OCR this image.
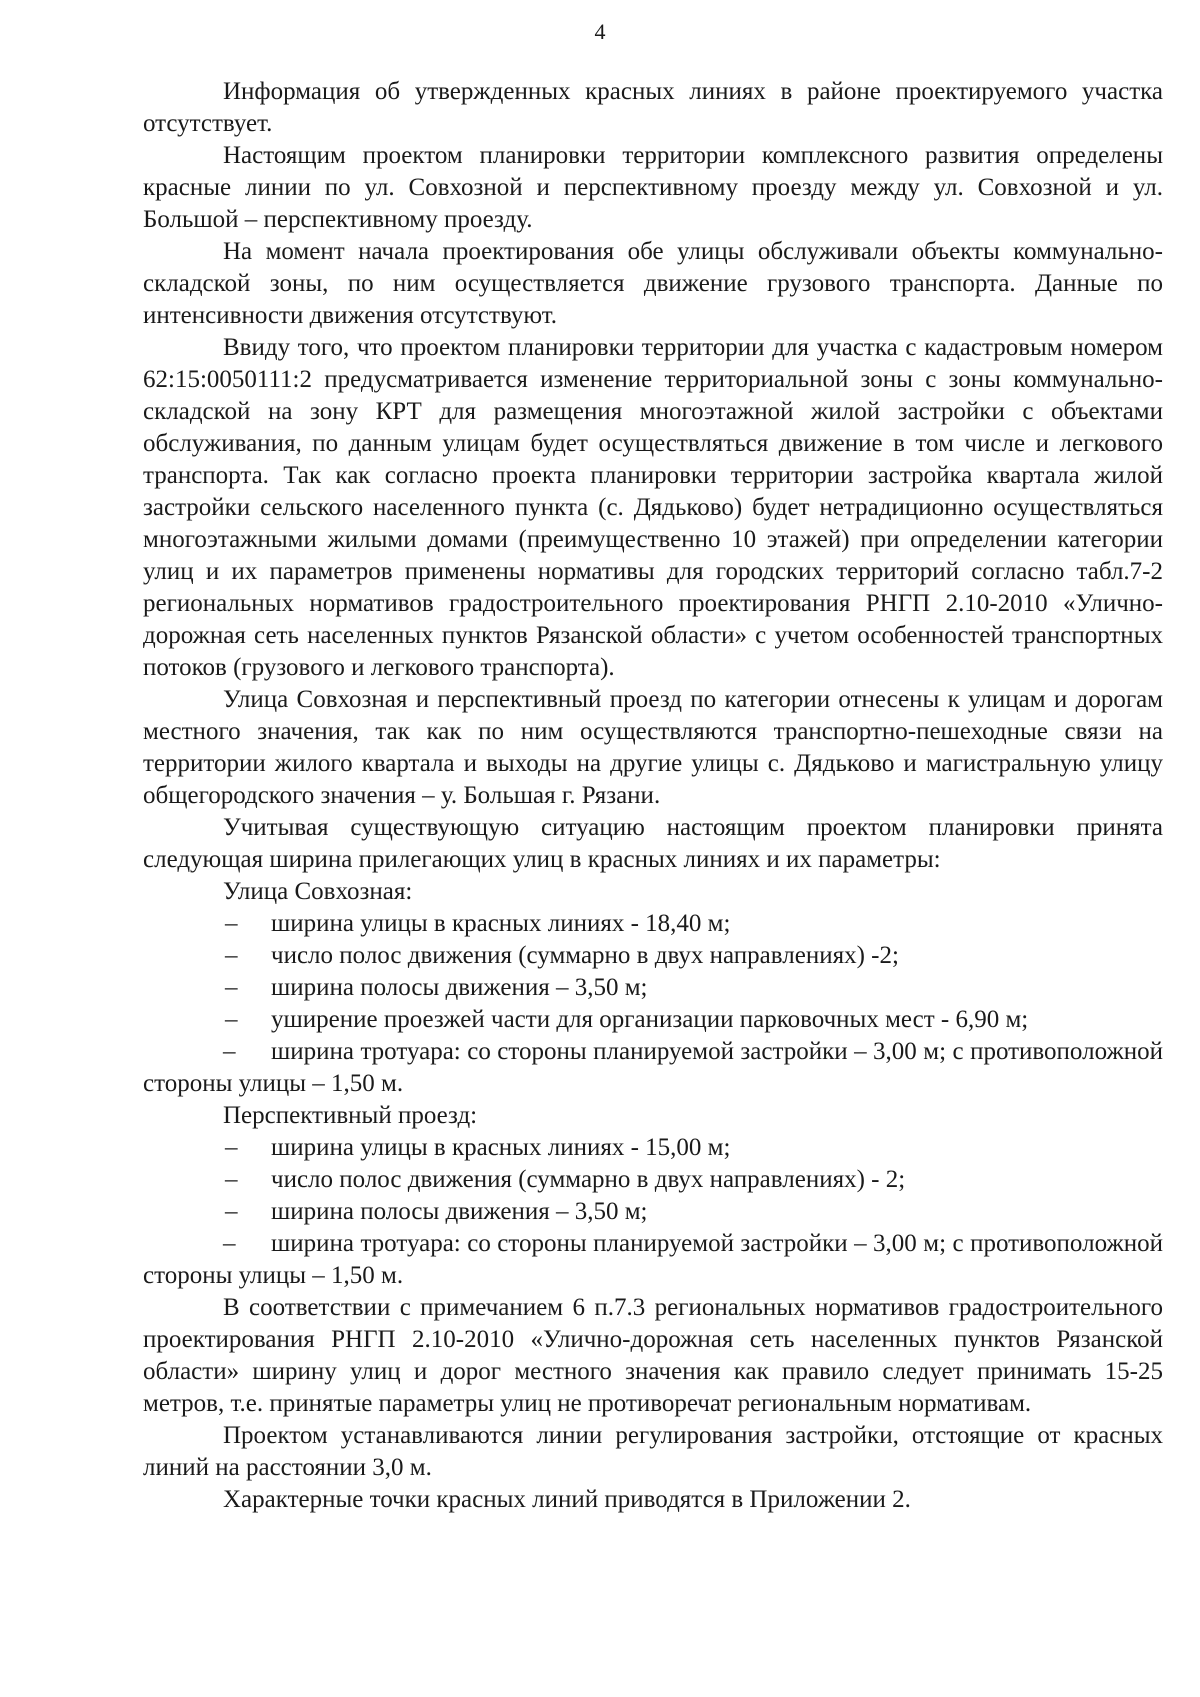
4

Информация об утвержденных красных линиях в районе проектируемого участка отсутствует.

Настоящим проектом планировки территории комплексного развития определены красные линии по ул. Совхозной и перспективному проезду между ул. Совхозной и ул. Большой – перспективному проезду.

На момент начала проектирования обе улицы обслуживали объекты коммунально-складской зоны, по ним осуществляется движение грузового транспорта. Данные по интенсивности движения отсутствуют.

Ввиду того, что проектом планировки территории для участка с кадастровым номером 62:15:0050111:2 предусматривается изменение территориальной зоны с зоны коммунально-складской на зону КРТ для размещения многоэтажной жилой застройки с объектами обслуживания, по данным улицам будет осуществляться движение в том числе и легкового транспорта. Так как согласно проекта планировки территории застройка квартала жилой застройки сельского населенного пункта (с. Дядьково) будет нетрадиционно осуществляться многоэтажными жилыми домами (преимущественно 10 этажей) при определении категории улиц и их параметров применены нормативы для городских территорий согласно табл.7-2 региональных нормативов градостроительного проектирования РНГП 2.10-2010 «Улично-дорожная сеть населенных пунктов Рязанской области» с учетом особенностей транспортных потоков (грузового и легкового транспорта).

Улица Совхозная и перспективный проезд по категории отнесены к улицам и дорогам местного значения, так как по ним осуществляются транспортно-пешеходные связи на территории жилого квартала и выходы на другие улицы с. Дядьково и магистральную улицу общегородского значения – у. Большая г. Рязани.

Учитывая существующую ситуацию настоящим проектом планировки принята следующая ширина прилегающих улиц в красных линиях и их параметры:

Улица Совхозная:
– ширина улицы в красных линиях - 18,40 м;
– число полос движения (суммарно в двух направлениях) -2;
– ширина полосы движения – 3,50 м;
– уширение проезжей части для организации парковочных мест - 6,90 м;

– ширина тротуара: со стороны планируемой застройки – 3,00 м; с противоположной стороны улицы – 1,50 м.

Перспективный проезд:
– ширина улицы в красных линиях - 15,00 м;
– число полос движения (суммарно в двух направлениях) - 2;
– ширина полосы движения – 3,50 м;

– ширина тротуара: со стороны планируемой застройки – 3,00 м; с противоположной стороны улицы – 1,50 м.

В соответствии с примечанием 6 п.7.3 региональных нормативов градостроительного проектирования РНГП 2.10-2010 «Улично-дорожная сеть населенных пунктов Рязанской области» ширину улиц и дорог местного значения как правило следует принимать 15-25 метров, т.е. принятые параметры улиц не противоречат региональным нормативам.

Проектом устанавливаются линии регулирования застройки, отстоящие от красных линий на расстоянии 3,0 м.

Характерные точки красных линий приводятся в Приложении 2.
